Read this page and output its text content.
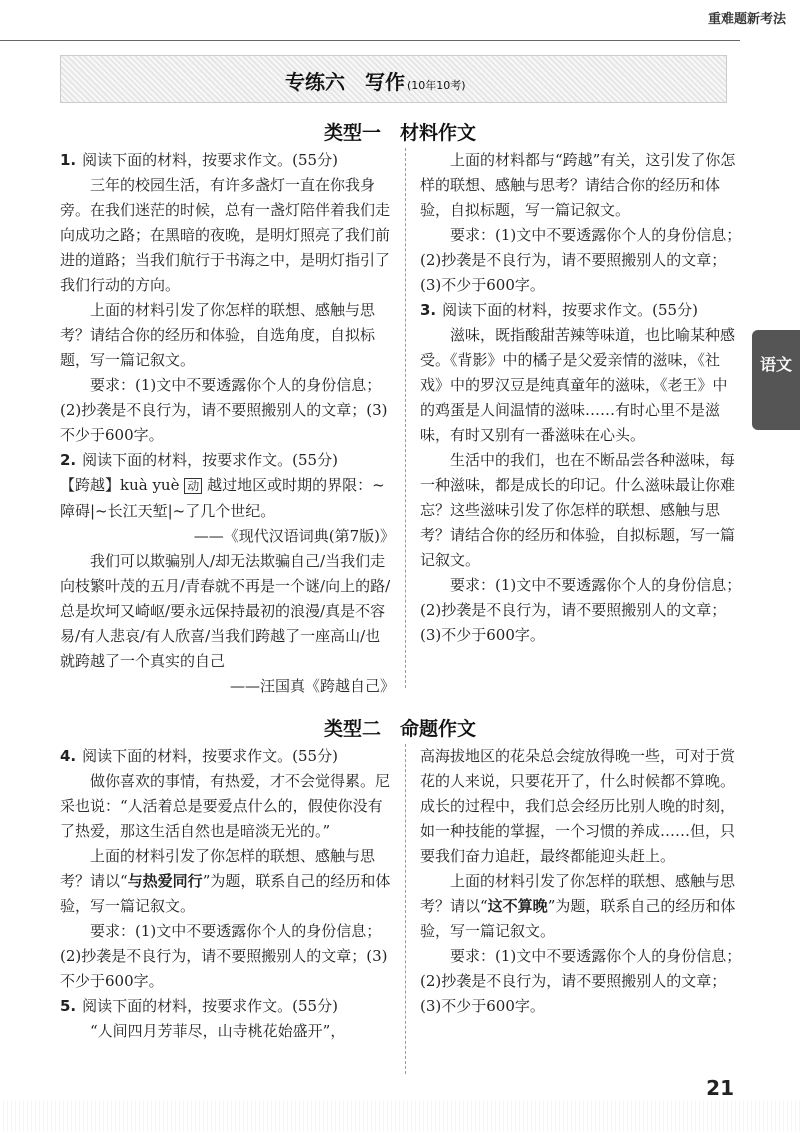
重难题新考法
专练六　写作 (10年10考)
语文
类型一　材料作文

1. 阅读下面的材料，按要求作文。(55分)

三年的校园生活，有许多盏灯一直在你我身旁。在我们迷茫的时候，总有一盏灯陪伴着我们走向成功之路；在黑暗的夜晚，是明灯照亮了我们前进的道路；当我们航行于书海之中，是明灯指引了我们行动的方向。

上面的材料引发了你怎样的联想、感触与思考？请结合你的经历和体验，自选角度，自拟标题，写一篇记叙文。

要求：(1)文中不要透露你个人的身份信息；(2)抄袭是不良行为，请不要照搬别人的文章；(3)不少于600字。

2. 阅读下面的材料，按要求作文。(55分)

【跨越】kuà yuè 动 越过地区或时期的界限：~障碍|~长江天堑|~了几个世纪。

——《现代汉语词典(第7版)》

我们可以欺骗别人/却无法欺骗自己/当我们走向枝繁叶茂的五月/青春就不再是一个谜/向上的路/总是坎坷又崎岖/要永远保持最初的浪漫/真是不容易/有人悲哀/有人欣喜/当我们跨越了一座高山/也就跨越了一个真实的自己

——汪国真《跨越自己》

上面的材料都与“跨越”有关，这引发了你怎样的联想、感触与思考？请结合你的经历和体验，自拟标题，写一篇记叙文。

要求：(1)文中不要透露你个人的身份信息；(2)抄袭是不良行为，请不要照搬别人的文章；(3)不少于600字。

3. 阅读下面的材料，按要求作文。(55分)

滋味，既指酸甜苦辣等味道，也比喻某种感受。《背影》中的橘子是父爱亲情的滋味，《社戏》中的罗汉豆是纯真童年的滋味，《老王》中的鸡蛋是人间温情的滋味……有时心里不是滋味，有时又别有一番滋味在心头。

生活中的我们，也在不断品尝各种滋味，每一种滋味，都是成长的印记。什么滋味最让你难忘？这些滋味引发了你怎样的联想、感触与思考？请结合你的经历和体验，自拟标题，写一篇记叙文。

要求：(1)文中不要透露你个人的身份信息；(2)抄袭是不良行为，请不要照搬别人的文章；(3)不少于600字。

类型二　命题作文

4. 阅读下面的材料，按要求作文。(55分)

做你喜欢的事情，有热爱，才不会觉得累。尼采也说：“人活着总是要爱点什么的，假使你没有了热爱，那这生活自然也是暗淡无光的。”

上面的材料引发了你怎样的联想、感触与思考？请以“与热爱同行”为题，联系自己的经历和体验，写一篇记叙文。

要求：(1)文中不要透露你个人的身份信息；(2)抄袭是不良行为，请不要照搬别人的文章；(3)不少于600字。

5. 阅读下面的材料，按要求作文。(55分)

“人间四月芳菲尽，山寺桃花始盛开”，

高海拔地区的花朵总会绽放得晚一些，可对于赏花的人来说，只要花开了，什么时候都不算晚。成长的过程中，我们总会经历比别人晚的时刻，如一种技能的掌握，一个习惯的养成……但，只要我们奋力追赶，最终都能迎头赶上。

上面的材料引发了你怎样的联想、感触与思考？请以“这不算晚”为题，联系自己的经历和体验，写一篇记叙文。

要求：(1)文中不要透露你个人的身份信息；(2)抄袭是不良行为，请不要照搬别人的文章；(3)不少于600字。

21
